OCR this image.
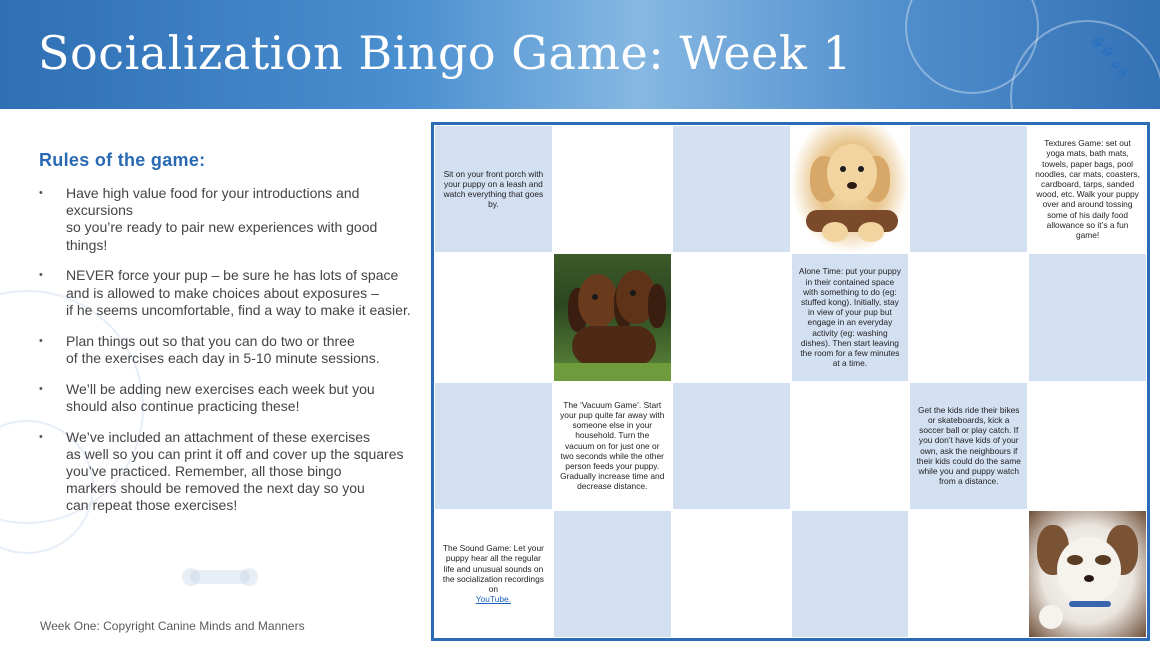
🐾
🐾
Socialization Bingo Game: Week 1
Rules of the game:
• Have high value food for your introductions and excursions
so you’re ready to pair new experiences with good things!
• NEVER force your pup – be sure he has lots of space
and is allowed to make choices about exposures –
if he seems uncomfortable, find a way to make it easier.
• Plan things out so that you can do two or three
of the exercises each day in 5-10 minute sessions.
• We’ll be adding new exercises each week but you
should also continue practicing these!
• We’ve included an attachment of these exercises
as well so you can print it off and cover up the squares
you’ve practiced. Remember, all those bingo
markers should be removed the next day so you
can repeat those exercises!
Week One: Copyright Canine Minds and Manners
Sit on your front porch with your puppy on a leash and watch everything that goes by.
Textures Game: set out yoga mats, bath mats, towels, paper bags, pool noodles, car mats, coasters, cardboard, tarps, sanded wood, etc. Walk your puppy over and around tossing some of his daily food allowance so it’s a fun game!
Alone Time: put your puppy in their contained space with something to do (eg: stuffed kong). Initially, stay in view of your pup but engage in an everyday activity (eg: washing dishes). Then start leaving the room for a few minutes at a time.
The ‘Vacuum Game’. Start your pup quite far away with someone else in your household. Turn the vacuum on for just one or two seconds while the other person feeds your puppy. Gradually increase time and decrease distance.
Get the kids ride their bikes or skateboards, kick a soccer ball or play catch. If you don’t have kids of your own, ask the neighbours if their kids could do the same while you and puppy watch from a distance.
The Sound Game: Let your puppy hear all the regular life and unusual sounds on the socialization recordings on
YouTube.
